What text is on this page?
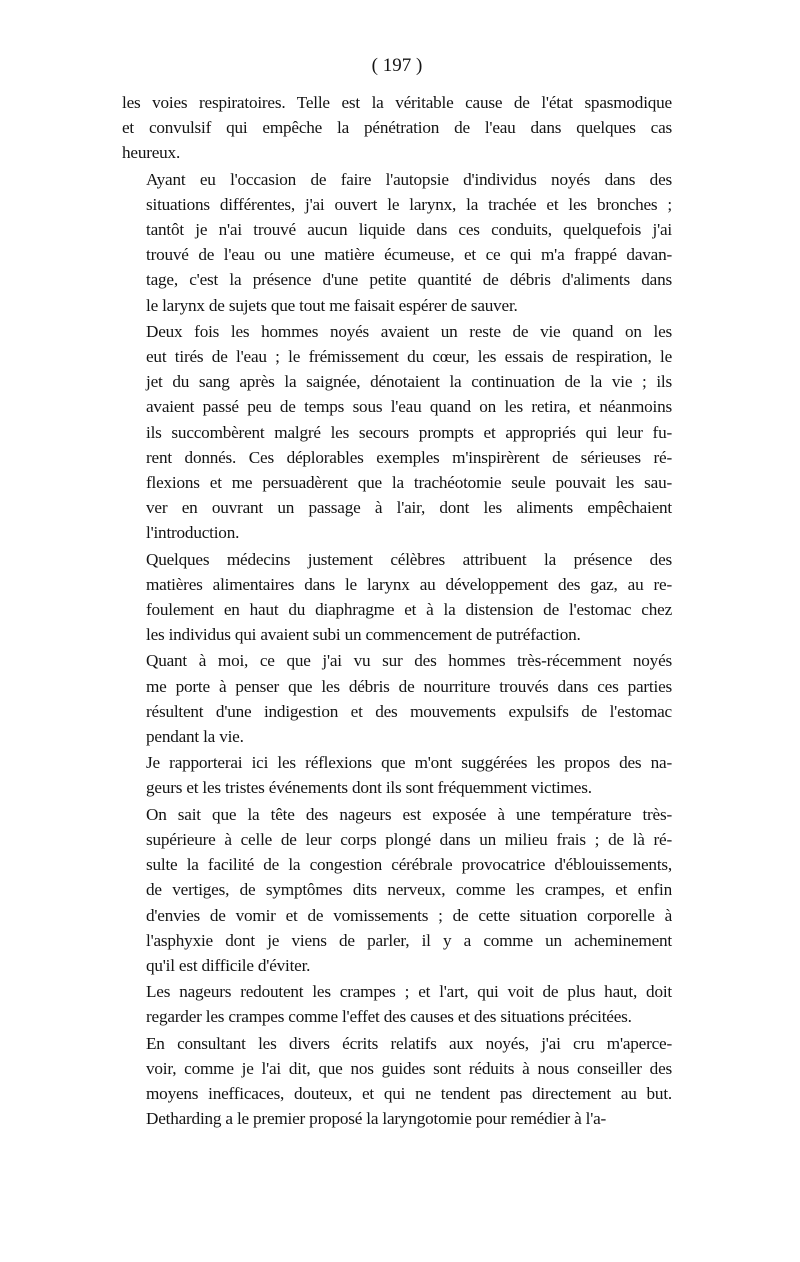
( 197 )
les voies respiratoires. Telle est la véritable cause de l'état spasmodique
et convulsif qui empêche la pénétration de l'eau dans quelques cas
heureux.
Ayant eu l'occasion de faire l'autopsie d'individus noyés dans des
situations différentes, j'ai ouvert le larynx, la trachée et les bronches ;
tantôt je n'ai trouvé aucun liquide dans ces conduits, quelquefois j'ai
trouvé de l'eau ou une matière écumeuse, et ce qui m'a frappé davan-
tage, c'est la présence d'une petite quantité de débris d'aliments dans
le larynx de sujets que tout me faisait espérer de sauver.
Deux fois les hommes noyés avaient un reste de vie quand on les
eut tirés de l'eau ; le frémissement du cœur, les essais de respiration, le
jet du sang après la saignée, dénotaient la continuation de la vie ; ils
avaient passé peu de temps sous l'eau quand on les retira, et néanmoins
ils succombèrent malgré les secours prompts et appropriés qui leur fu-
rent donnés. Ces déplorables exemples m'inspirèrent de sérieuses ré-
flexions et me persuadèrent que la trachéotomie seule pouvait les sau-
ver en ouvrant un passage à l'air, dont les aliments empêchaient
l'introduction.
Quelques médecins justement célèbres attribuent la présence des
matières alimentaires dans le larynx au développement des gaz, au re-
foulement en haut du diaphragme et à la distension de l'estomac chez
les individus qui avaient subi un commencement de putréfaction.
Quant à moi, ce que j'ai vu sur des hommes très-récemment noyés
me porte à penser que les débris de nourriture trouvés dans ces parties
résultent d'une indigestion et des mouvements expulsifs de l'estomac
pendant la vie.
Je rapporterai ici les réflexions que m'ont suggérées les propos des na-
geurs et les tristes événements dont ils sont fréquemment victimes.
On sait que la tête des nageurs est exposée à une température très-
supérieure à celle de leur corps plongé dans un milieu frais ; de là ré-
sulte la facilité de la congestion cérébrale provocatrice d'éblouissements,
de vertiges, de symptômes dits nerveux, comme les crampes, et enfin
d'envies de vomir et de vomissements ; de cette situation corporelle à
l'asphyxie dont je viens de parler, il y a comme un acheminement
qu'il est difficile d'éviter.
Les nageurs redoutent les crampes ; et l'art, qui voit de plus haut, doit
regarder les crampes comme l'effet des causes et des situations précitées.
En consultant les divers écrits relatifs aux noyés, j'ai cru m'aperce-
voir, comme je l'ai dit, que nos guides sont réduits à nous conseiller des
moyens inefficaces, douteux, et qui ne tendent pas directement au but.
Detharding a le premier proposé la laryngotomie pour remédier à l'a-
